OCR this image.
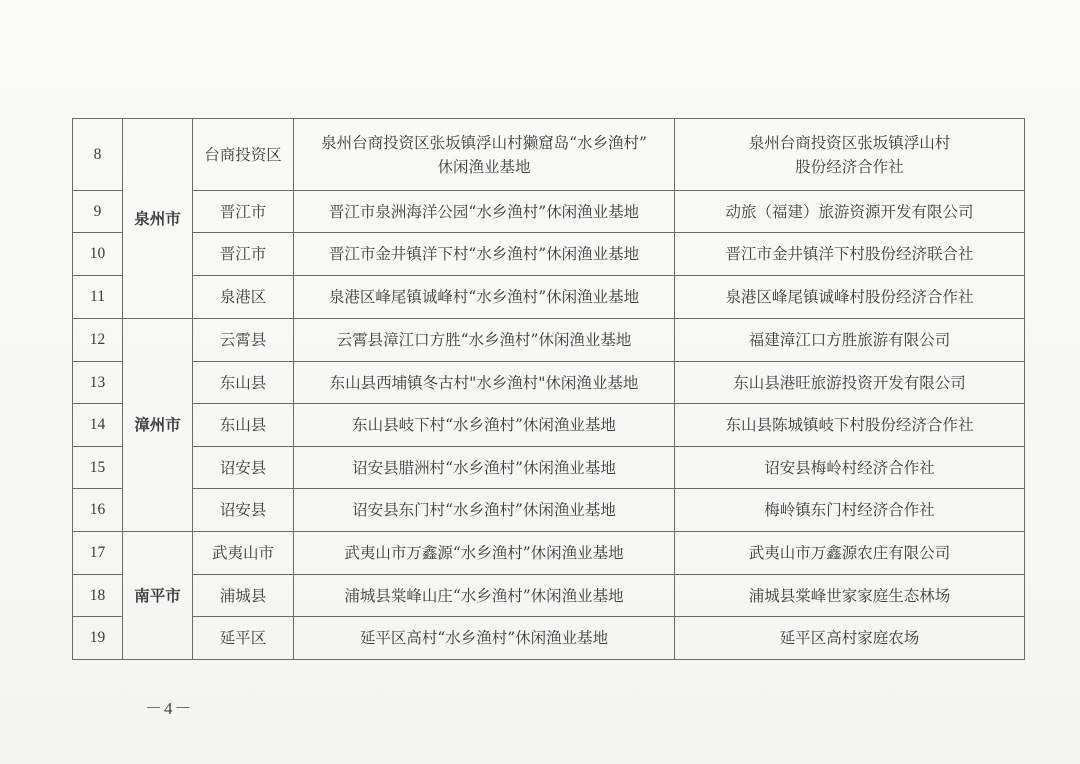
8	泉州市	台商投资区	泉州台商投资区张坂镇浮山村獭窟岛“水乡渔村”
休闲渔业基地	泉州台商投资区张坂镇浮山村
股份经济合作社
9		晋江市	晋江市泉洲海洋公园“水乡渔村”休闲渔业基地	动旅（福建）旅游资源开发有限公司
10		晋江市	晋江市金井镇洋下村“水乡渔村”休闲渔业基地	晋江市金井镇洋下村股份经济联合社
11		泉港区	泉港区峰尾镇诚峰村“水乡渔村”休闲渔业基地	泉港区峰尾镇诚峰村股份经济合作社
12	漳州市	云霄县	云霄县漳江口方胜“水乡渔村”休闲渔业基地	福建漳江口方胜旅游有限公司
13		东山县	东山县西埔镇冬古村"水乡渔村"休闲渔业基地	东山县港旺旅游投资开发有限公司
14		东山县	东山县岐下村“水乡渔村”休闲渔业基地	东山县陈城镇岐下村股份经济合作社
15		诏安县	诏安县腊洲村“水乡渔村”休闲渔业基地	诏安县梅岭村经济合作社
16		诏安县	诏安县东门村“水乡渔村”休闲渔业基地	梅岭镇东门村经济合作社
17	南平市	武夷山市	武夷山市万鑫源“水乡渔村”休闲渔业基地	武夷山市万鑫源农庄有限公司
18		浦城县	浦城县棠峰山庄“水乡渔村”休闲渔业基地	浦城县棠峰世家家庭生态林场
19		延平区	延平区高村“水乡渔村”休闲渔业基地	延平区高村家庭农场
－4－
